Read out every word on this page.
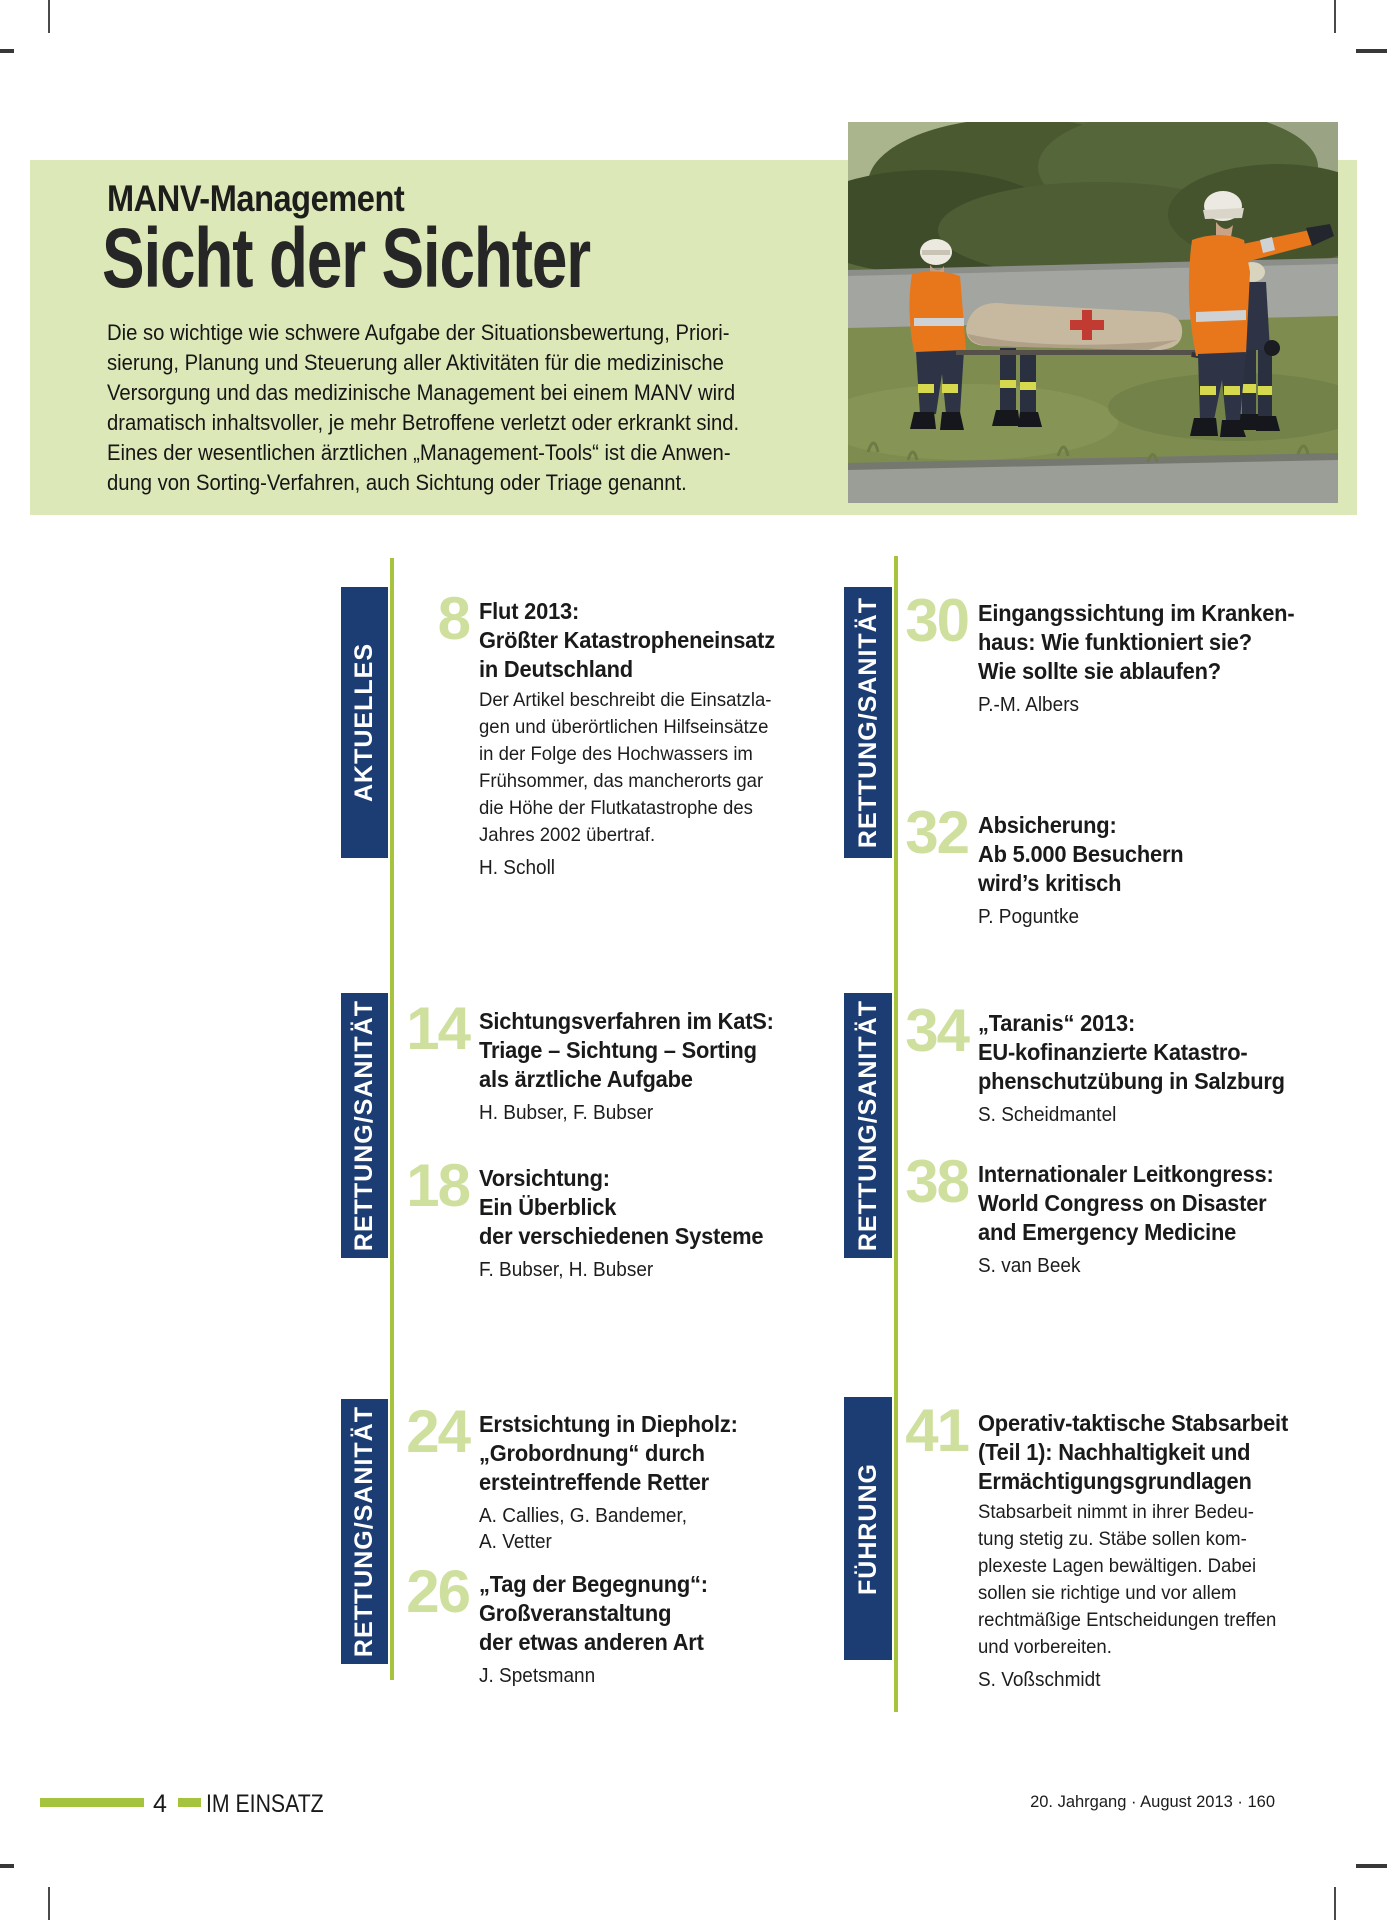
MANV-Management
Sicht der Sichter
Die so wichtige wie schwere Aufgabe der Situationsbewertung, Priori-
sierung, Planung und Steuerung aller Aktivitäten für die medizinische
Versorgung und das medizinische Management bei einem MANV wird
dramatisch inhaltsvoller, je mehr Betroffene verletzt oder erkrankt sind.
Eines der wesentlichen ärztlichen „Management-Tools“ ist die Anwen-
dung von Sorting-Verfahren, auch Sichtung oder Triage genannt.
AKTUELLES	RETTUNG/SANITÄT
RETTUNG/SANITÄT	RETTUNG/SANITÄT
RETTUNG/SANITÄT	FÜHRUNG
8 Flut 2013:
Größter Katastropheneinsatz
in Deutschland
Der Artikel beschreibt die Einsatzla-
gen und überörtlichen Hilfseinsätze
in der Folge des Hochwassers im
Frühsommer, das mancherorts gar
die Höhe der Flutkatastrophe des
Jahres 2002 übertraf.
H. Scholl
30 Eingangssichtung im Kranken-
haus: Wie funktioniert sie?
Wie sollte sie ablaufen?
P.-M. Albers
32 Absicherung:
Ab 5.000 Besuchern
wird’s kritisch
P. Poguntke
14 Sichtungsverfahren im KatS:
Triage – Sichtung – Sorting
als ärztliche Aufgabe
H. Bubser, F. Bubser
18 Vorsichtung:
Ein Überblick
der verschiedenen Systeme
F. Bubser, H. Bubser
34 „Taranis“ 2013:
EU-kofinanzierte Katastro-
phenschutzübung in Salzburg
S. Scheidmantel
38 Internationaler Leitkongress:
World Congress on Disaster
and Emergency Medicine
S. van Beek
24 Erstsichtung in Diepholz:
„Grobordnung“ durch
ersteintreffende Retter
A. Callies, G. Bandemer,
A. Vetter
26 „Tag der Begegnung“:
Großveranstaltung
der etwas anderen Art
J. Spetsmann
41 Operativ-taktische Stabsarbeit
(Teil 1): Nachhaltigkeit und
Ermächtigungsgrundlagen
Stabsarbeit nimmt in ihrer Bedeu-
tung stetig zu. Stäbe sollen kom-
plexeste Lagen bewältigen. Dabei
sollen sie richtige und vor allem
rechtmäßige Entscheidungen treffen
und vorbereiten.
S. Voßschmidt
4 IM EINSATZ	20. Jahrgang · August 2013 · 160
